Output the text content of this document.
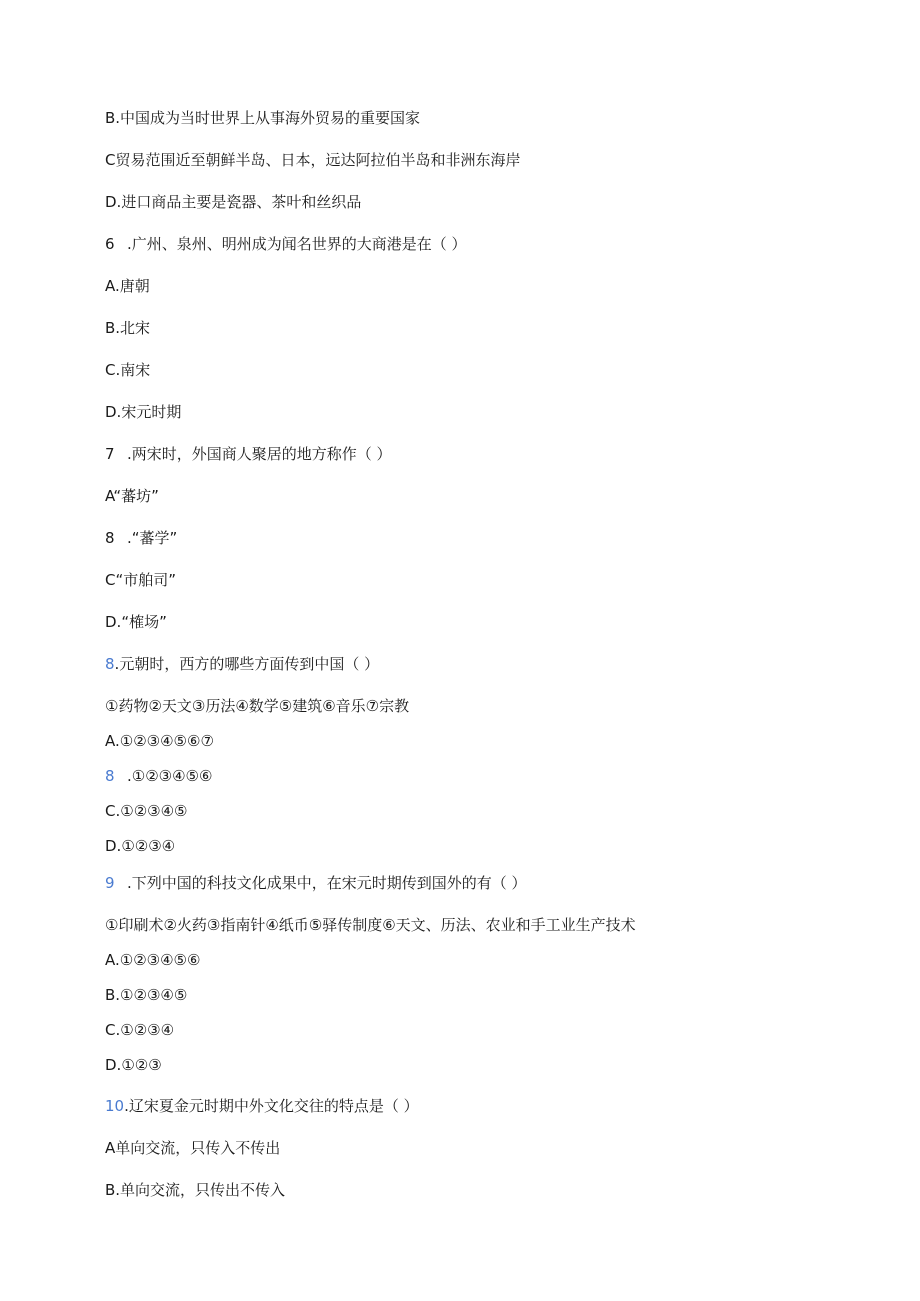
B.中国成为当时世界上从事海外贸易的重要国家
C贸易范围近至朝鲜半岛、日本，远达阿拉伯半岛和非洲东海岸
D.进口商品主要是瓷器、茶叶和丝织品
6 .广州、泉州、明州成为闻名世界的大商港是在（ ）
A.唐朝
B.北宋
C.南宋
D.宋元时期
7 .两宋时，外国商人聚居的地方称作（ ）
A“蕃坊”
8 .“蕃学”
C“市舶司”
D.“榷场”
8.元朝时，西方的哪些方面传到中国（ ）
①药物②天文③历法④数学⑤建筑⑥音乐⑦宗教
A.①②③④⑤⑥⑦
8 .①②③④⑤⑥
C.①②③④⑤
D.①②③④
9 .下列中国的科技文化成果中，在宋元时期传到国外的有（ ）
①印刷术②火药③指南针④纸币⑤驿传制度⑥天文、历法、农业和手工业生产技术
A.①②③④⑤⑥
B.①②③④⑤
C.①②③④
D.①②③
10.辽宋夏金元时期中外文化交往的特点是（ ）
A单向交流，只传入不传出
B.单向交流，只传出不传入
